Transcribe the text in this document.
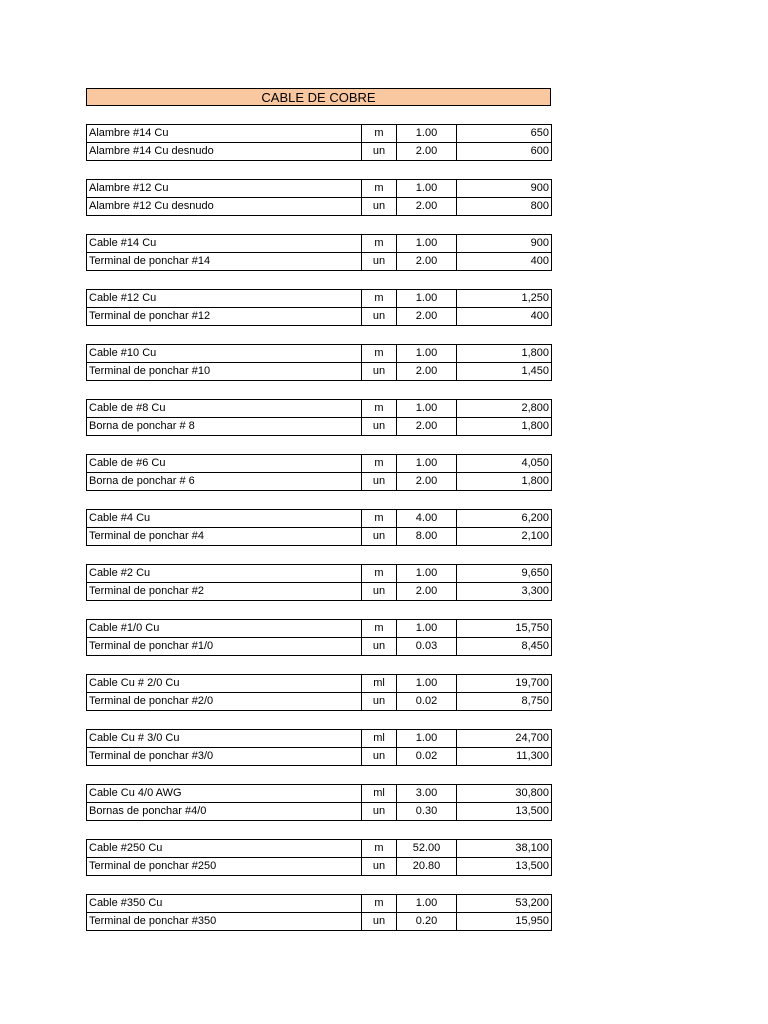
CABLE DE COBRE
Alambre #14 Cu	m	1.00	650
Alambre #14 Cu desnudo	un	2.00	600
Alambre #12 Cu	m	1.00	900
Alambre #12 Cu desnudo	un	2.00	800
Cable #14 Cu	m	1.00	900
Terminal de ponchar #14	un	2.00	400
Cable #12 Cu	m	1.00	1,250
Terminal de ponchar #12	un	2.00	400
Cable #10 Cu	m	1.00	1,800
Terminal de ponchar #10	un	2.00	1,450
Cable de #8 Cu	m	1.00	2,800
Borna de ponchar # 8	un	2.00	1,800
Cable de #6 Cu	m	1.00	4,050
Borna de ponchar # 6	un	2.00	1,800
Cable #4 Cu	m	4.00	6,200
Terminal de ponchar #4	un	8.00	2,100
Cable #2 Cu	m	1.00	9,650
Terminal de ponchar #2	un	2.00	3,300
Cable #1/0 Cu	m	1.00	15,750
Terminal de ponchar #1/0	un	0.03	8,450
Cable Cu # 2/0 Cu	ml	1.00	19,700
Terminal de ponchar #2/0	un	0.02	8,750
Cable Cu # 3/0 Cu	ml	1.00	24,700
Terminal de ponchar #3/0	un	0.02	11,300
Cable Cu 4/0 AWG	ml	3.00	30,800
Bornas de ponchar #4/0	un	0.30	13,500
Cable #250 Cu	m	52.00	38,100
Terminal de ponchar #250	un	20.80	13,500
Cable #350 Cu	m	1.00	53,200
Terminal de ponchar #350	un	0.20	15,950
